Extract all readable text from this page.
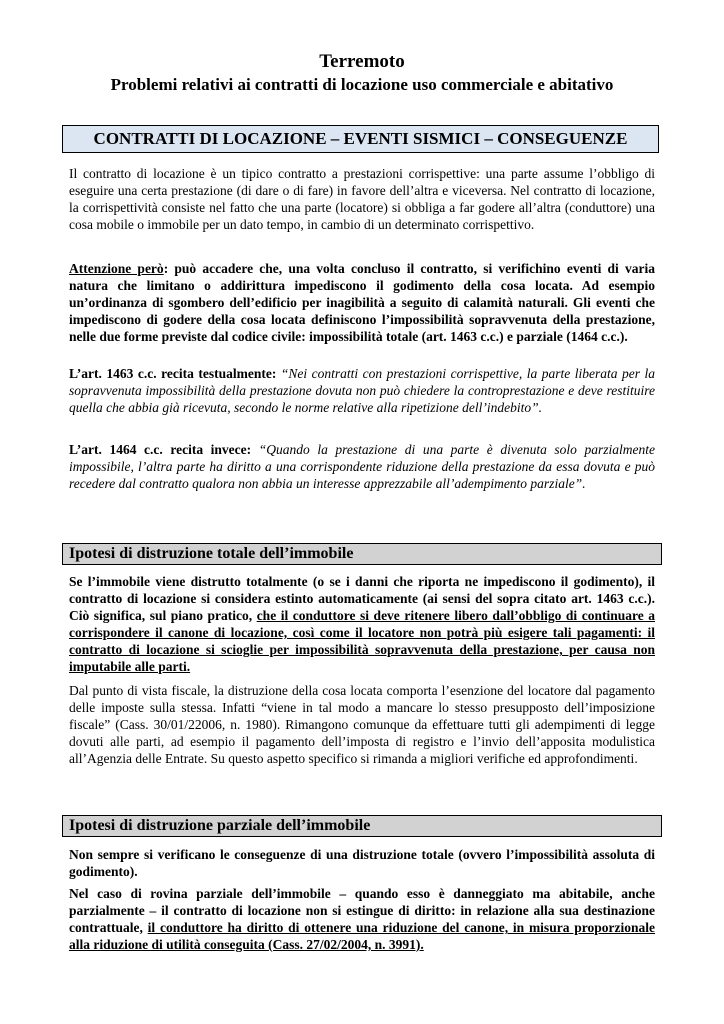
Terremoto
Problemi relativi ai contratti di locazione uso commerciale e abitativo
CONTRATTI DI LOCAZIONE – EVENTI SISMICI – CONSEGUENZE

Il contratto di locazione è un tipico contratto a prestazioni corrispettive: una parte assume l’obbligo di eseguire una certa prestazione (di dare o di fare) in favore dell’altra e viceversa. Nel contratto di locazione, la corrispettività consiste nel fatto che una parte (locatore) si obbliga a far godere all’altra (conduttore) una cosa mobile o immobile per un dato tempo, in cambio di un determinato corrispettivo.

Attenzione però: può accadere che, una volta concluso il contratto, si verifichino eventi di varia natura che limitano o addirittura impediscono il godimento della cosa locata. Ad esempio un’ordinanza di sgombero dell’edificio per inagibilità a seguito di calamità naturali. Gli eventi che impediscono di godere della cosa locata definiscono l’impossibilità sopravvenuta della prestazione, nelle due forme previste dal codice civile: impossibilità totale (art. 1463 c.c.) e parziale (1464 c.c.).

L’art. 1463 c.c. recita testualmente: “Nei contratti con prestazioni corrispettive, la parte liberata per la sopravvenuta impossibilità della prestazione dovuta non può chiedere la controprestazione e deve restituire quella che abbia già ricevuta, secondo le norme relative alla ripetizione dell’indebito”.

L’art. 1464 c.c. recita invece: “Quando la prestazione di una parte è divenuta solo parzialmente impossibile, l’altra parte ha diritto a una corrispondente riduzione della prestazione da essa dovuta e può recedere dal contratto qualora non abbia un interesse apprezzabile all’adempimento parziale”.

Ipotesi di distruzione totale dell’immobile

Se l’immobile viene distrutto totalmente (o se i danni che riporta ne impediscono il godimento), il contratto di locazione si considera estinto automaticamente (ai sensi del sopra citato art. 1463 c.c.). Ciò significa, sul piano pratico, che il conduttore si deve ritenere libero dall’obbligo di continuare a corrispondere il canone di locazione, così come il locatore non potrà più esigere tali pagamenti: il contratto di locazione si scioglie per impossibilità sopravvenuta della prestazione, per causa non imputabile alle parti.

Dal punto di vista fiscale, la distruzione della cosa locata comporta l’esenzione del locatore dal pagamento delle imposte sulla stessa. Infatti “viene in tal modo a mancare lo stesso presupposto dell’imposizione fiscale” (Cass. 30/01/22006, n. 1980). Rimangono comunque da effettuare tutti gli adempimenti di legge dovuti alle parti, ad esempio il pagamento dell’imposta di registro e l’invio dell’apposita modulistica all’Agenzia delle Entrate. Su questo aspetto specifico si rimanda a migliori verifiche ed approfondimenti.

Ipotesi di distruzione parziale dell’immobile

Non sempre si verificano le conseguenze di una distruzione totale (ovvero l’impossibilità assoluta di godimento).

Nel caso di rovina parziale dell’immobile – quando esso è danneggiato ma abitabile, anche parzialmente – il contratto di locazione non si estingue di diritto: in relazione alla sua destinazione contrattuale, il conduttore ha diritto di ottenere una riduzione del canone, in misura proporzionale alla riduzione di utilità conseguita (Cass. 27/02/2004, n. 3991).
